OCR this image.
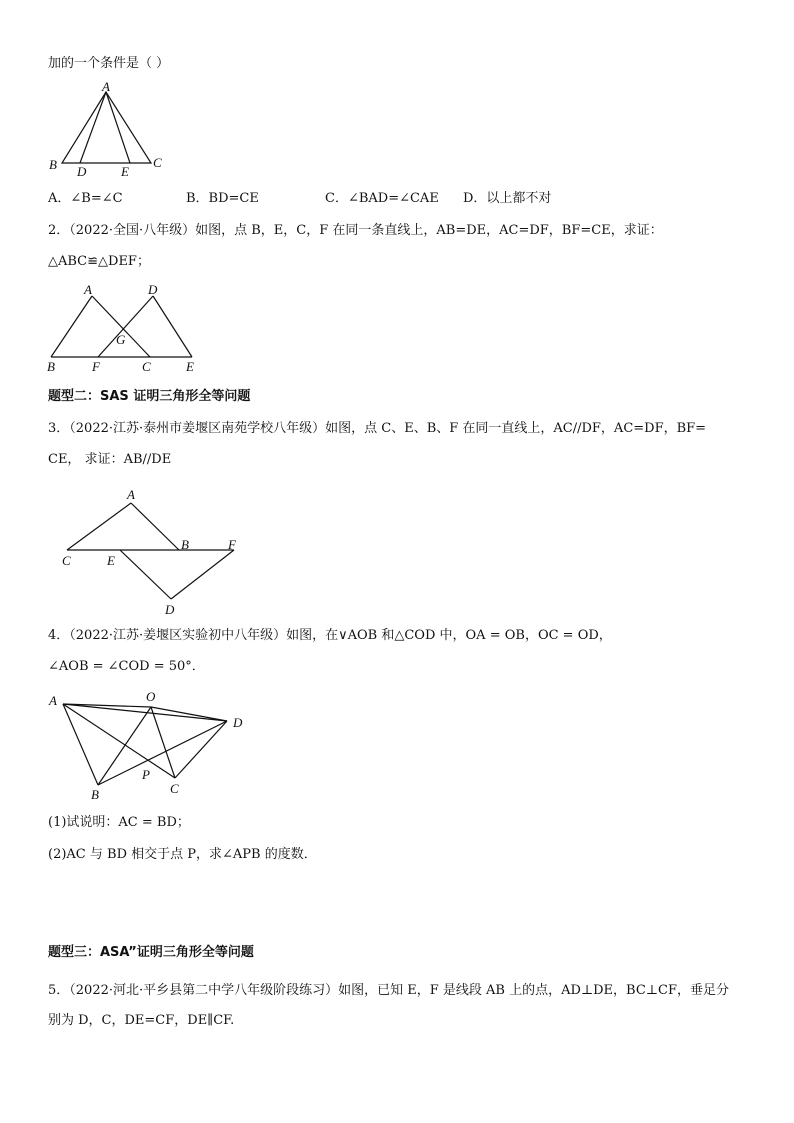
加的一个条件是（ ）
A
B D	E
C
A．∠B=∠C	B．BD=CE	C．∠BAD=∠CAE D．以上都不对
2．（2022·全国·八年级）如图，点 B，E，C，F 在同一条直线上，AB=DE，AC=DF，BF=CE，求证：
△ABC≌△DEF；
A	D
G
B	F	C	E
题型二：SAS 证明三角形全等问题
3．（2022·江苏·泰州市姜堰区南苑学校八年级）如图，点 C、E、B、F 在同一直线上，AC//DF，AC=DF，BF=
CE， 求证：AB//DE
A
B	F
C	E
D
4．（2022·江苏·姜堰区实验初中八年级）如图，在∨AOB 和△COD 中，OA = OB，OC = OD，
∠AOB = ∠COD = 50°．
A	O
D
P
B	C
(1)试说明：AC = BD；
(2)AC 与 BD 相交于点 P，求∠APB 的度数．
题型三：ASA”证明三角形全等问题
5．（2022·河北·平乡县第二中学八年级阶段练习）如图，已知 E，F 是线段 AB 上的点，AD⊥DE，BC⊥CF，垂足分
别为 D，C，DE=CF，DE∥CF.
